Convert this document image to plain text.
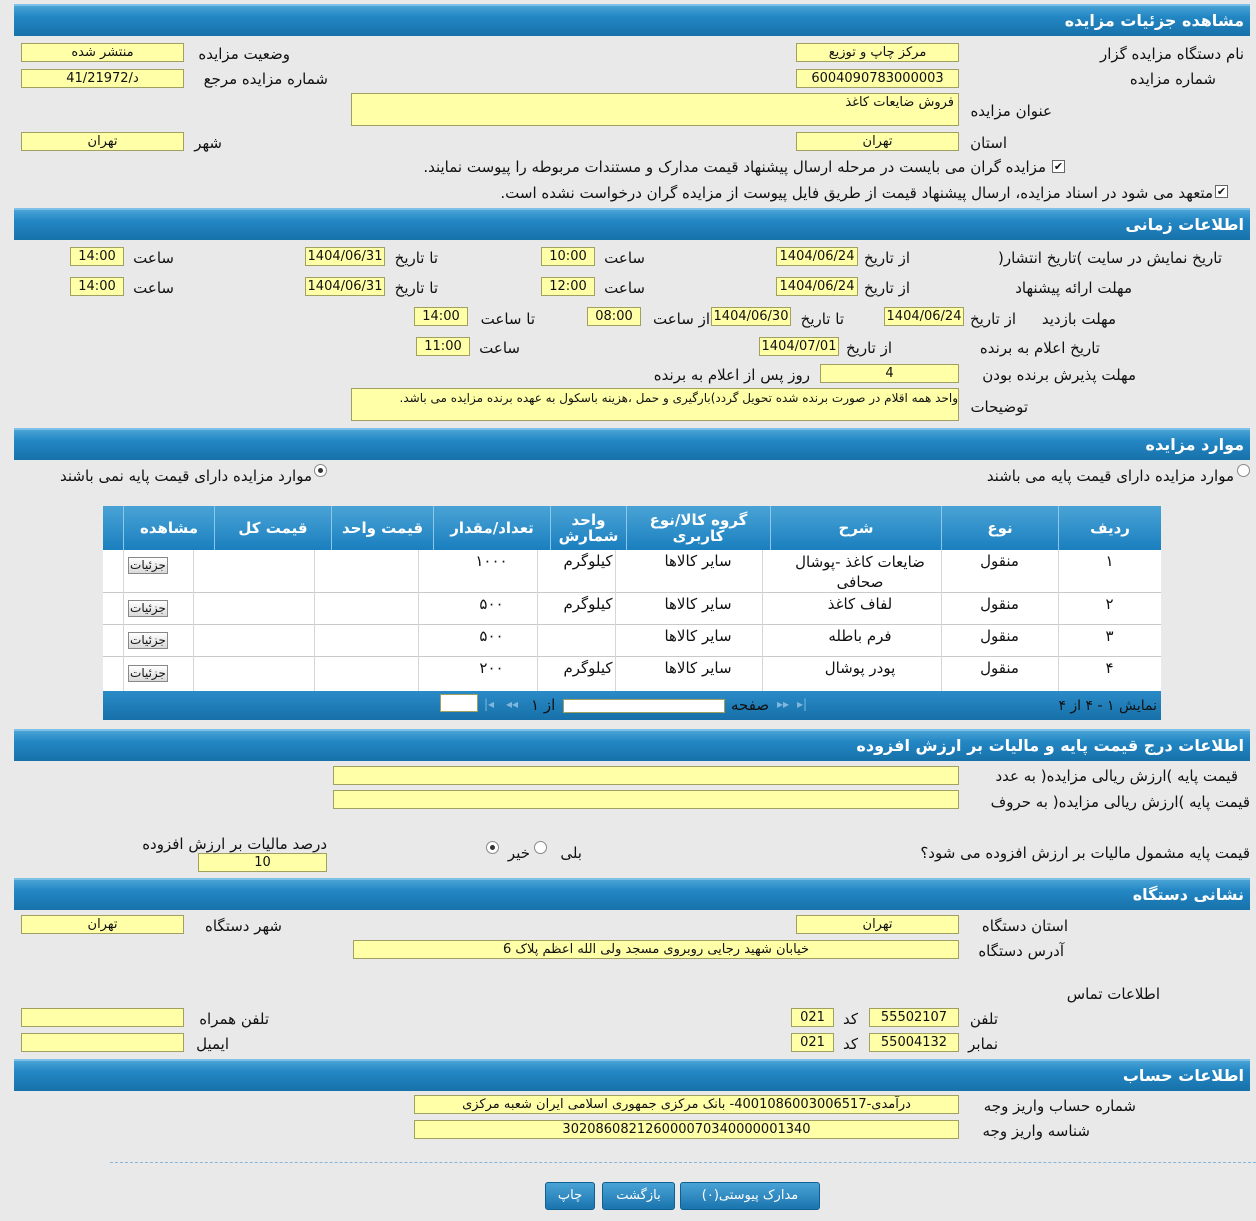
مشاهده جزئیات مزایده
نام دستگاه مزایده گزار
مرکز چاپ و توزیع
وضعیت مزایده
منتشر شده
شماره مزایده
6004090783000003
شماره مزایده مرجع
41/21972/د
عنوان مزایده
فروش ضایعات کاغذ
استان
تهران
شهر
تهران
✔
مزایده گران می بایست در مرحله ارسال پیشنهاد قیمت مدارک و مستندات مربوطه را پیوست نمایند.
✔
متعهد می شود در اسناد مزایده، ارسال پیشنهاد قیمت از طریق فایل پیوست از مزایده گران درخواست نشده است.
اطلاعات زمانی
تاریخ نمایش در سایت )تاریخ انتشار(
از تاریخ
1404/06/24
ساعت
10:00
تا تاریخ
1404/06/31
ساعت
14:00
مهلت ارائه پیشنهاد
از تاریخ
1404/06/24
ساعت
12:00
تا تاریخ
1404/06/31
ساعت
14:00
مهلت بازدید
از تاریخ
1404/06/24
تا تاریخ
1404/06/30
از ساعت
08:00
تا ساعت
14:00
تاریخ اعلام به برنده
از تاریخ
1404/07/01
ساعت
11:00
مهلت پذیرش برنده بودن
4
روز پس از اعلام به برنده
توضیحات
واحد همه اقلام در صورت برنده شده تحویل گردد)بارگیری و حمل ،هزینه باسکول به عهده برنده مزایده می باشد.
موارد مزایده
موارد مزایده دارای قیمت پایه می باشند
موارد مزایده دارای قیمت پایه نمی باشند
ردیف
نوع
شرح
گروه کالا/نوع کاربری
واحد شمارش
تعداد/مقدار
قیمت واحد
قیمت کل
مشاهده
۱
منقول
ضایعات کاغذ -پوشال صحافی
سایر کالاها
کیلوگرم
۱۰۰۰
جزئیات
۲
منقول
لفاف کاغذ
سایر کالاها
کیلوگرم
۵۰۰
جزئیات
۳
منقول
فرم باطله
سایر کالاها
۵۰۰
جزئیات
۴
منقول
پودر پوشال
سایر کالاها
کیلوگرم
۲۰۰
جزئیات
نمایش ۱ - ۴ از ۴
▸|
▸▸
صفحه
1
از ۱
◂◂
|◂
20
اطلاعات درج قیمت پایه و مالیات بر ارزش افزوده
قیمت پایه )ارزش ریالی مزایده( به عدد
قیمت پایه )ارزش ریالی مزایده( به حروف
قیمت پایه مشمول مالیات بر ارزش افزوده می شود؟
بلی
خیر
درصد مالیات بر ارزش افزوده
10
نشانی دستگاه
استان دستگاه
تهران
شهر دستگاه
تهران
آدرس دستگاه
خیابان شهید رجایی روبروی مسجد ولی الله اعظم پلاک 6
اطلاعات تماس
تلفن
55502107
کد
021
تلفن همراه
نمابر
55004132
کد
021
ایمیل
اطلاعات حساب
شماره حساب واریز وجه
درآمدی-400108600300651​7- بانک مرکزی جمهوری اسلامی ایران شعبه مرکزی
شناسه واریز وجه
302086082126000070340000001340
مدارک پیوستی(۰)
بازگشت
چاپ
